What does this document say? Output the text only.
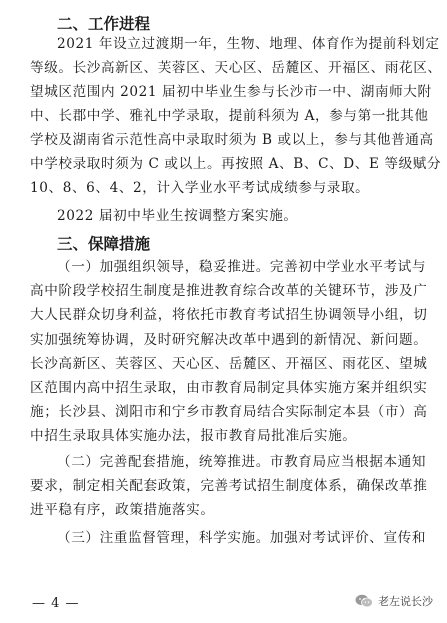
二、工作进程

2021 年设立过渡期一年，生物、地理、体育作为提前科划定

等级。长沙高新区、芙蓉区、天心区、岳麓区、开福区、雨花区、

望城区范围内 2021 届初中毕业生参与长沙市一中、湖南师大附

中、长郡中学、雅礼中学录取，提前科须为 A，参与第一批其他

学校及湖南省示范性高中录取时须为 B 或以上，参与其他普通高

中学校录取时须为 C 或以上。再按照 A、B、C、D、E 等级赋分

10、8、6、4、2，计入学业水平考试成绩参与录取。

2022 届初中毕业生按调整方案实施。

三、保障措施

（一）加强组织领导，稳妥推进。完善初中学业水平考试与

高中阶段学校招生制度是推进教育综合改革的关键环节，涉及广

大人民群众切身利益，将依托市教育考试招生协调领导小组，切

实加强统筹协调，及时研究解决改革中遇到的新情况、新问题。

长沙高新区、芙蓉区、天心区、岳麓区、开福区、雨花区、望城

区范围内高中招生录取，由市教育局制定具体实施方案并组织实

施；长沙县、浏阳市和宁乡市教育局结合实际制定本县（市）高

中招生录取具体实施办法，报市教育局批准后实施。

（二）完善配套措施，统筹推进。市教育局应当根据本通知

要求，制定相关配套政策，完善考试招生制度体系，确保改革推

进平稳有序，政策措施落实。

（三）注重监督管理，科学实施。加强对考试评价、宣传和

— 4 —	老左说长沙
